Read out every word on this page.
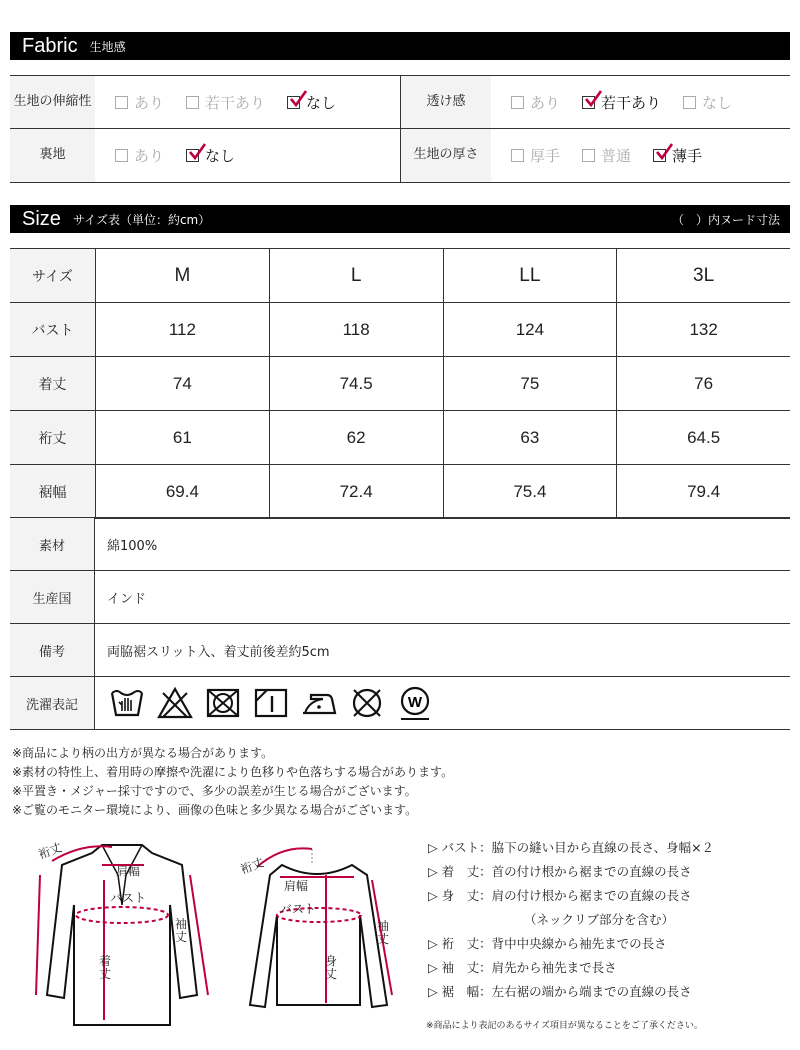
Fabric 生地感
生地の 伸縮性	あり	若干あり	なし	透け感	あり	若干あり	なし
裏地	あり	なし	生地の厚さ	厚手	普通	薄手
Size サイズ表（単位：約cm）	（　）内ヌード寸法
サイズ	M	L	LL	3L
バスト	112	118	124	132
着丈	74	74.5	75	76
裄丈	61	62	63	64.5
裾幅	69.4	72.4	75.4	79.4
素材	綿100%
生産国	インド
備考	両脇裾スリット入、着丈前後差約5cm
洗濯表記	W
※商品により柄の出方が異なる場合があります。
※素材の特性上、着用時の摩擦や洗濯により色移りや色落ちする場合があります。
※平置き・メジャー採寸ですので、多少の誤差が生じる場合がございます。
※ご覧のモニター環境により、画像の色味と多少異なる場合がございます。
裄丈
肩幅
バスト
袖丈
着丈
裄丈
肩幅
バスト
袖丈
身丈
▷ バスト：脇下の縫い目から直線の長さ、身幅×２
▷ 着　丈：首の付け根から裾までの直線の長さ
▷ 身　丈：肩の付け根から裾までの直線の長さ
（ネックリブ部分を含む）
▷ 裄　丈：背中中央線から袖先までの長さ
▷ 袖　丈：肩先から袖先まで長さ
▷ 裾　幅：左右裾の端から端までの直線の長さ
※商品により表記のあるサイズ項目が異なることをご了承ください。
